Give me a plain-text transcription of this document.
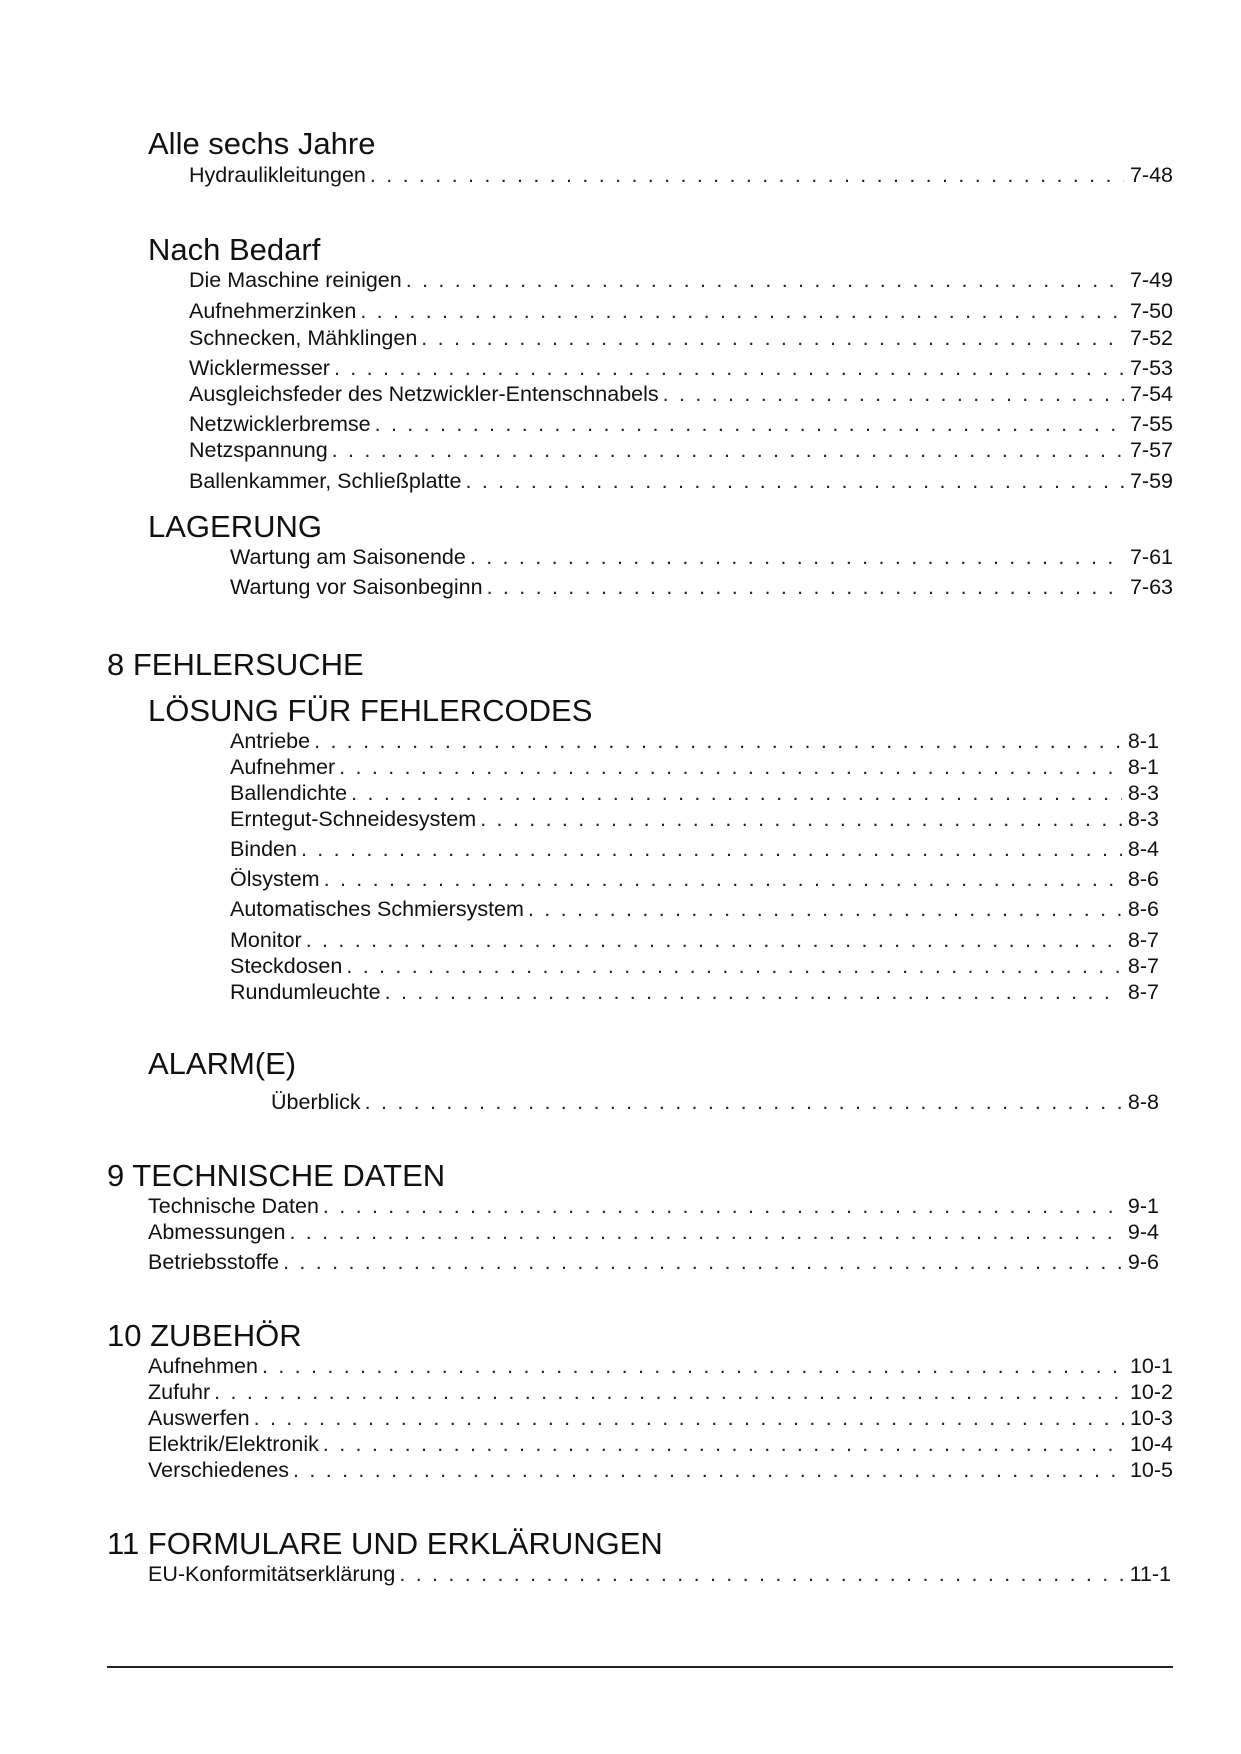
Alle sechs Jahre
Hydraulikleitungen . . .	7-48
Nach Bedarf
Die Maschine reinigen . . .	7-49
Aufnehmerzinken . . .	7-50
Schnecken, Mähklingen . . .	7-52
Wicklermesser . . .	7-53
Ausgleichsfeder des Netzwickler-Entenschnabels . . .	7-54
Netzwicklerbremse . . .	7-55
Netzspannung . . .	7-57
Ballenkammer, Schließplatte . . .	7-59
LAGERUNG
Wartung am Saisonende . . .	7-61
Wartung vor Saisonbeginn . . .	7-63
8 FEHLERSUCHE
LÖSUNG FÜR FEHLERCODES
Antriebe . . .	8-1
Aufnehmer . . .	8-1
Ballendichte . . .	8-3
Erntegut-Schneidesystem . . .	8-3
Binden . . .	8-4
Ölsystem . . .	8-6
Automatisches Schmiersystem . . .	8-6
Monitor . . .	8-7
Steckdosen . . .	8-7
Rundumleuchte . . .	8-7
ALARM(E)
Überblick . . .	8-8
9 TECHNISCHE DATEN
Technische Daten . . .	9-1
Abmessungen . . .	9-4
Betriebsstoffe . . .	9-6
10 ZUBEHÖR
Aufnehmen . . .	10-1
Zufuhr . . .	10-2
Auswerfen . . .	10-3
Elektrik/Elektronik . . .	10-4
Verschiedenes . . .	10-5
11 FORMULARE UND ERKLÄRUNGEN
EU-Konformitätserklärung . . .	11-1
